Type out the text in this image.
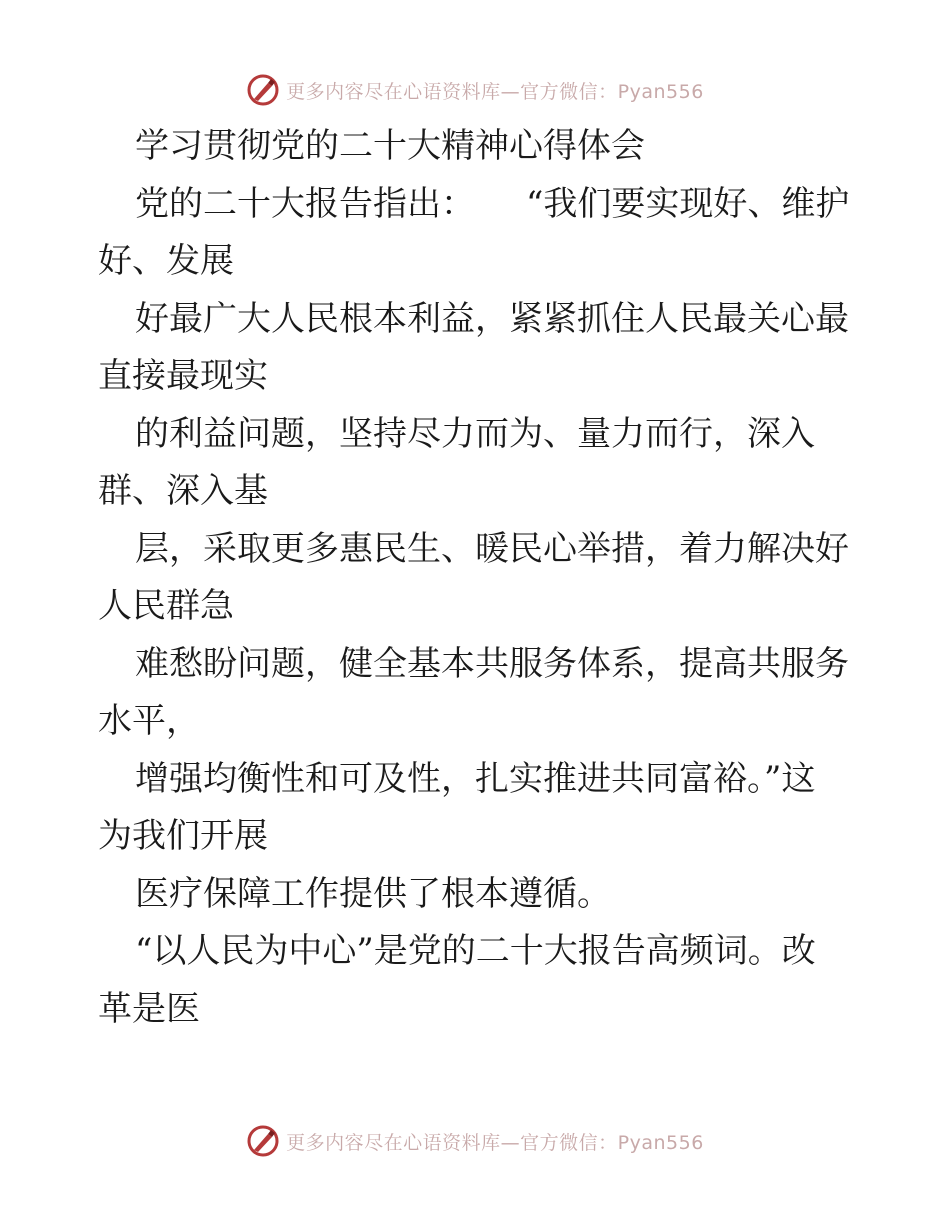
更多内容尽在心语资料库—官方微信：Pyan556
学习贯彻党的二十大精神心得体会
党的二十大报告指出：　　“我们要实现好、维护
好、发展
好最广大人民根本利益，紧紧抓住人民最关心最
直接最现实
的利益问题，坚持尽力而为、量力而行，深入
群、深入基
层，采取更多惠民生、暖民心举措，着力解决好
人民群急
难愁盼问题，健全基本共服务体系，提高共服务
水平，
增强均衡性和可及性，扎实推进共同富裕。”这
为我们开展
医疗保障工作提供了根本遵循。
“以人民为中心”是党的二十大报告高频词。改
革是医
更多内容尽在心语资料库—官方微信：Pyan556
